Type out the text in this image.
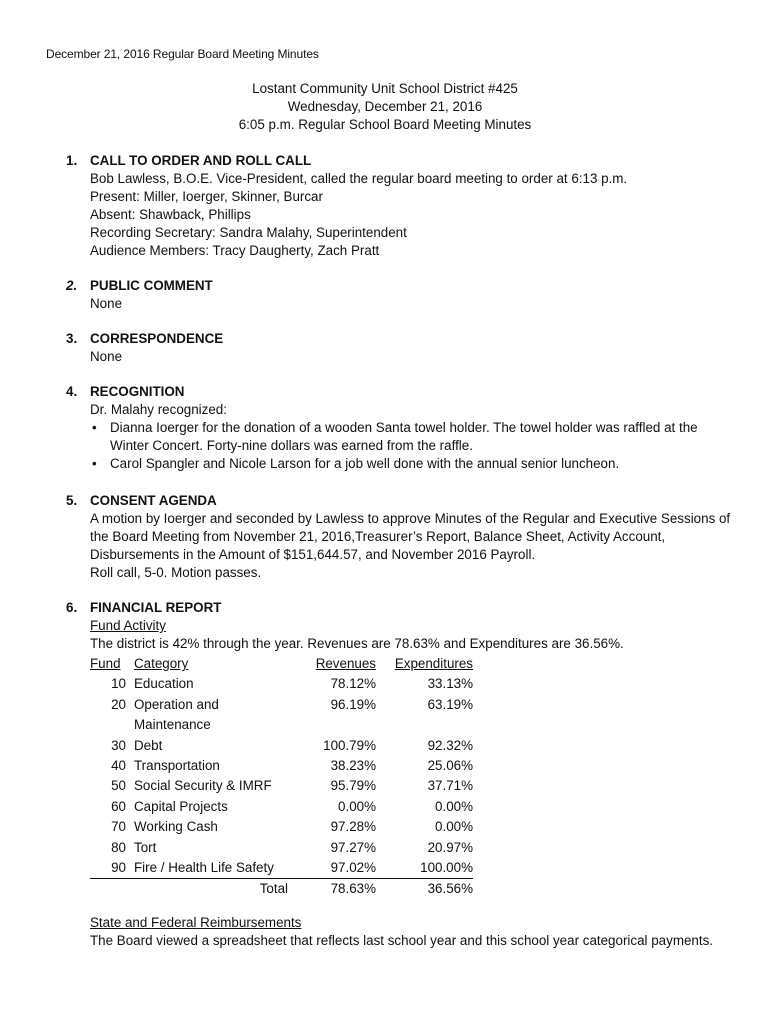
December 21, 2016 Regular Board Meeting Minutes
Lostant Community Unit School District #425
Wednesday, December 21, 2016
6:05 p.m. Regular School Board Meeting Minutes
1. CALL TO ORDER AND ROLL CALL
Bob Lawless, B.O.E. Vice-President, called the regular board meeting to order at 6:13 p.m.
Present: Miller, Ioerger, Skinner, Burcar
Absent: Shawback, Phillips
Recording Secretary: Sandra Malahy, Superintendent
Audience Members: Tracy Daugherty, Zach Pratt
2. PUBLIC COMMENT
None
3. CORRESPONDENCE
None
4. RECOGNITION
Dr. Malahy recognized:
• Dianna Ioerger for the donation of a wooden Santa towel holder. The towel holder was raffled at the Winter Concert. Forty-nine dollars was earned from the raffle.
• Carol Spangler and Nicole Larson for a job well done with the annual senior luncheon.
5. CONSENT AGENDA
A motion by Ioerger and seconded by Lawless to approve Minutes of the Regular and Executive Sessions of the Board Meeting from November 21, 2016,Treasurer’s Report, Balance Sheet, Activity Account, Disbursements in the Amount of $151,644.57, and November 2016 Payroll.
Roll call, 5-0. Motion passes.
6. FINANCIAL REPORT
Fund Activity
The district is 42% through the year. Revenues are 78.63% and Expenditures are 36.56%.
Fund	Category	Revenues	Expenditures
10	Education	78.12%	33.13%
20	Operation and Maintenance	96.19%	63.19%
30	Debt	100.79%	92.32%
40	Transportation	38.23%	25.06%
50	Social Security & IMRF	95.79%	37.71%
60	Capital Projects	0.00%	0.00%
70	Working Cash	97.28%	0.00%
80	Tort	97.27%	20.97%
90	Fire / Health Life Safety	97.02%	100.00%
	Total	78.63%	36.56%
State and Federal Reimbursements
The Board viewed a spreadsheet that reflects last school year and this school year categorical payments.
